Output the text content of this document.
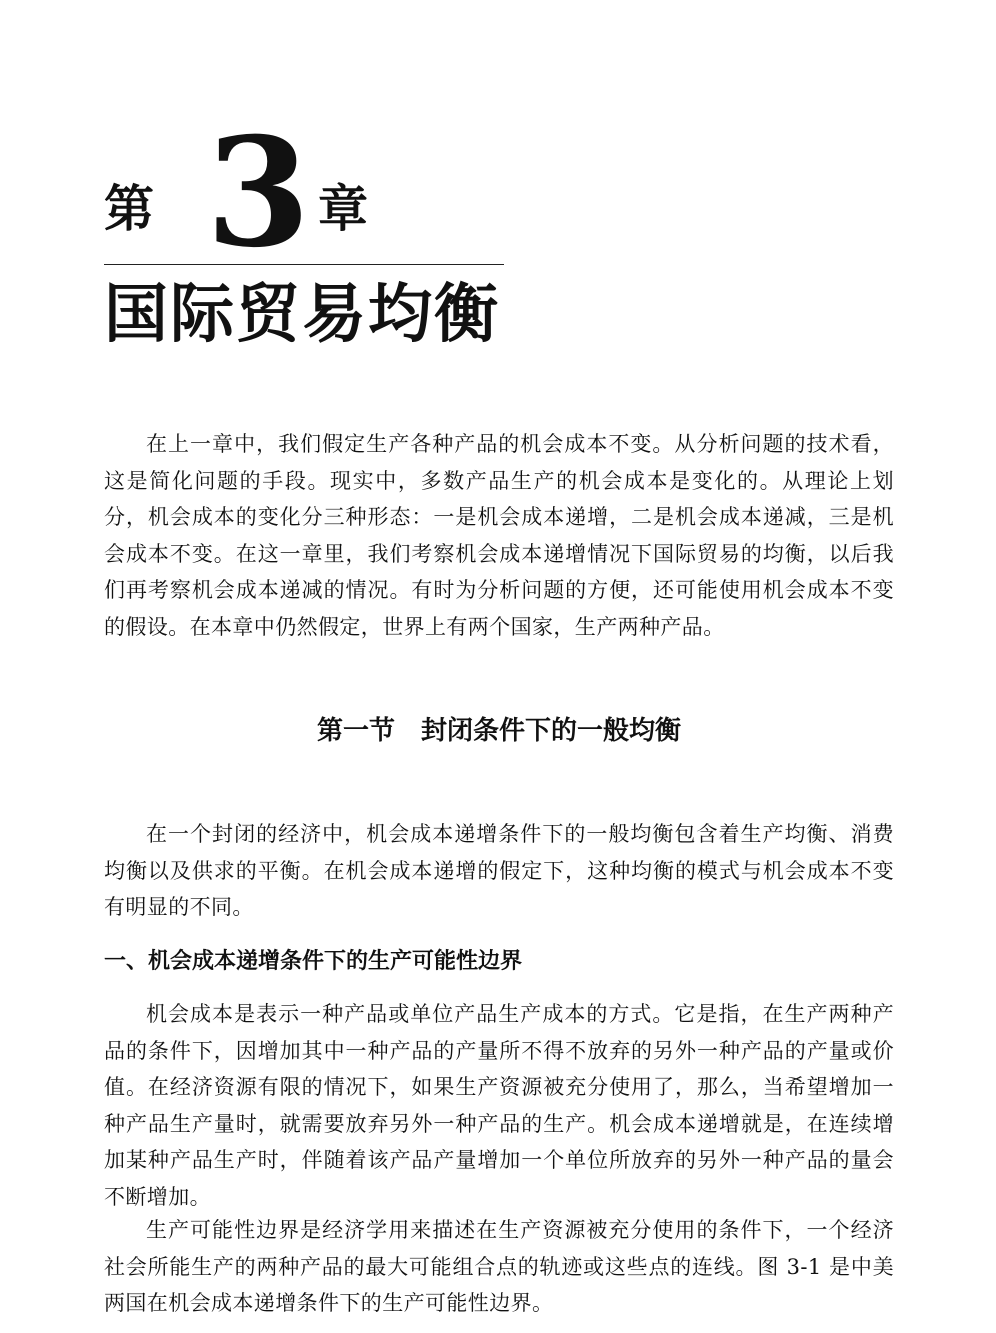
第 3 章
国际贸易均衡

在上一章中，我们假定生产各种产品的机会成本不变。从分析问题的技术看，这是简化问题的手段。现实中，多数产品生产的机会成本是变化的。从理论上划分，机会成本的变化分三种形态：一是机会成本递增，二是机会成本递减，三是机会成本不变。在这一章里，我们考察机会成本递增情况下国际贸易的均衡，以后我们再考察机会成本递减的情况。有时为分析问题的方便，还可能使用机会成本不变的假设。在本章中仍然假定，世界上有两个国家，生产两种产品。

第一节　封闭条件下的一般均衡

在一个封闭的经济中，机会成本递增条件下的一般均衡包含着生产均衡、消费均衡以及供求的平衡。在机会成本递增的假定下，这种均衡的模式与机会成本不变有明显的不同。

一、机会成本递增条件下的生产可能性边界

机会成本是表示一种产品或单位产品生产成本的方式。它是指，在生产两种产品的条件下，因增加其中一种产品的产量所不得不放弃的另外一种产品的产量或价值。在经济资源有限的情况下，如果生产资源被充分使用了，那么，当希望增加一种产品生产量时，就需要放弃另外一种产品的生产。机会成本递增就是，在连续增加某种产品生产时，伴随着该产品产量增加一个单位所放弃的另外一种产品的量会不断增加。

生产可能性边界是经济学用来描述在生产资源被充分使用的条件下，一个经济社会所能生产的两种产品的最大可能组合点的轨迹或这些点的连线。图 3-1 是中美两国在机会成本递增条件下的生产可能性边界。
